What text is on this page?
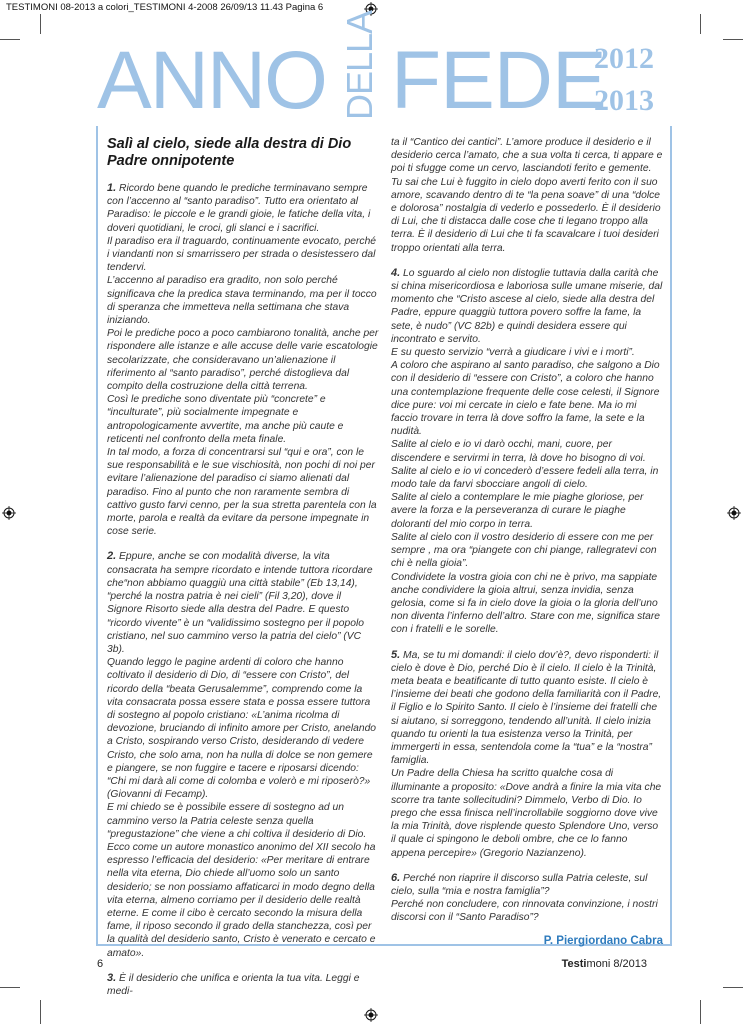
TESTIMONI 08-2013 a colori_TESTIMONI 4-2008 26/09/13 11.43 Pagina 6
ANNO DELLA FEDE
2012
2013

Salì al cielo, siede alla destra di Dio Padre onnipotente

1. Ricordo bene quando le prediche terminavano sempre con l’accenno al “santo paradiso”. Tutto era orientato al Paradiso: le piccole e le grandi gioie, le fatiche della vita, i doveri quotidiani, le croci, gli slanci e i sacrifici.

Il paradiso era il traguardo, continuamente evocato, perché i viandanti non si smarrissero per strada o desistessero dal tendervi.

L’accenno al paradiso era gradito, non solo perché significava che la predica stava terminando, ma per il tocco di speranza che immetteva nella settimana che stava iniziando.

Poi le prediche poco a poco cambiarono tonalità, anche per rispondere alle istanze e alle accuse delle varie escatologie secolarizzate, che consideravano un’alienazione il riferimento al “santo paradiso”, perché distoglieva dal compito della costruzione della città terrena.

Così le prediche sono diventate più “concrete” e “inculturate”, più socialmente impegnate e antropologicamente avvertite, ma anche più caute e reticenti nel confronto della meta finale.

In tal modo, a forza di concentrarsi sul “qui e ora”, con le sue responsabilità e le sue vischiosità, non pochi di noi per evitare l’alienazione del paradiso ci siamo alienati dal paradiso. Fino al punto che non raramente sembra di cattivo gusto farvi cenno, per la sua stretta parentela con la morte, parola e realtà da evitare da persone impegnate in cose serie.

2. Eppure, anche se con modalità diverse, la vita consacrata ha sempre ricordato e intende tuttora ricordare che“non abbiamo quaggiù una città stabile” (Eb 13,14), “perché la nostra patria è nei cieli” (Fil 3,20), dove il Signore Risorto siede alla destra del Padre. E questo “ricordo vivente” è un “validissimo sostegno per il popolo cristiano, nel suo cammino verso la patria del cielo” (VC 3b).

Quando leggo le pagine ardenti di coloro che hanno coltivato il desiderio di Dio, di “essere con Cristo”, del ricordo della “beata Gerusalemme”, comprendo come la vita consacrata possa essere stata e possa essere tuttora di sostegno al popolo cristiano: «L’anima ricolma di devozione, bruciando di infinito amore per Cristo, anelando a Cristo, sospirando verso Cristo, desiderando di vedere Cristo, che solo ama, non ha nulla di dolce se non gemere e piangere, se non fuggire e tacere e riposarsi dicendo: “Chi mi darà ali come di colomba e volerò e mi riposerò?» (Giovanni di Fecamp).

E mi chiedo se è possibile essere di sostegno ad un cammino verso la Patria celeste senza quella “pregustazione” che viene a chi coltiva il desiderio di Dio. Ecco come un autore monastico anonimo del XII secolo ha espresso l’efficacia del desiderio: «Per meritare di entrare nella vita eterna, Dio chiede all’uomo solo un santo desiderio; se non possiamo affaticarci in modo degno della vita eterna, almeno corriamo per il desiderio delle realtà eterne. E come il cibo è cercato secondo la misura della fame, il riposo secondo il grado della stanchezza, così per la qualità del desiderio santo, Cristo è venerato e cercato e amato».

3. È il desiderio che unifica e orienta la tua vita. Leggi e medi-

ta il “Cantico dei cantici”. L’amore produce il desiderio e il desiderio cerca l’amato, che a sua volta ti cerca, ti appare e poi ti sfugge come un cervo, lasciandoti ferito e gemente. Tu sai che Lui è fuggito in cielo dopo averti ferito con il suo amore, scavando dentro di te “la pena soave” di una “dolce e dolorosa” nostalgia di vederlo e possederlo. È il desiderio di Lui, che ti distacca dalle cose che ti legano troppo alla terra. È il desiderio di Lui che ti fa scavalcare i tuoi desideri troppo orientati alla terra.

4. Lo sguardo al cielo non distoglie tuttavia dalla carità che si china misericordiosa e laboriosa sulle umane miserie, dal momento che “Cristo ascese al cielo, siede alla destra del Padre, eppure quaggiù tuttora povero soffre la fame, la sete, è nudo” (VC 82b) e quindi desidera essere qui incontrato e servito.

E su questo servizio “verrà a giudicare i vivi e i morti”.

A coloro che aspirano al santo paradiso, che salgono a Dio con il desiderio di “essere con Cristo”, a coloro che hanno una contemplazione frequente delle cose celesti, il Signore dice pure: voi mi cercate in cielo e fate bene. Ma io mi faccio trovare in terra là dove soffro la fame, la sete e la nudità.

Salite al cielo e io vi darò occhi, mani, cuore, per discendere e servirmi in terra, là dove ho bisogno di voi.

Salite al cielo e io vi concederò d’essere fedeli alla terra, in modo tale da farvi sbocciare angoli di cielo.

Salite al cielo a contemplare le mie piaghe gloriose, per avere la forza e la perseveranza di curare le piaghe doloranti del mio corpo in terra.

Salite al cielo con il vostro desiderio di essere con me per sempre , ma ora “piangete con chi piange, rallegratevi con chi è nella gioia”.

Condividete la vostra gioia con chi ne è privo, ma sappiate anche condividere la gioia altrui, senza invidia, senza gelosia, come si fa in cielo dove la gioia o la gloria dell’uno non diventa l’inferno dell’altro. Stare con me, significa stare con i fratelli e le sorelle.

5. Ma, se tu mi domandi: il cielo dov’è?, devo risponderti: il cielo è dove è Dio, perché Dio è il cielo. Il cielo è la Trinità, meta beata e beatificante di tutto quanto esiste. Il cielo è l’insieme dei beati che godono della familiarità con il Padre, il Figlio e lo Spirito Santo. Il cielo è l’insieme dei fratelli che si aiutano, si sorreggono, tendendo all’unità. Il cielo inizia quando tu orienti la tua esistenza verso la Trinità, per immergerti in essa, sentendola come la “tua” e la “nostra” famiglia.

Un Padre della Chiesa ha scritto qualche cosa di illuminante a proposito: «Dove andrà a finire la mia vita che scorre tra tante sollecitudini? Dimmelo, Verbo di Dio. Io prego che essa finisca nell’incrollabile soggiorno dove vive la mia Trinità, dove risplende questo Splendore Uno, verso il quale ci spingono le deboli ombre, che ce lo fanno appena percepire» (Gregorio Nazianzeno).

6. Perché non riaprire il discorso sulla Patria celeste, sul cielo, sulla “mia e nostra famiglia”?

Perché non concludere, con rinnovata convinzione, i nostri discorsi con il “Santo Paradiso”?

P. Piergiordano Cabra

6	Testimoni 8/2013
